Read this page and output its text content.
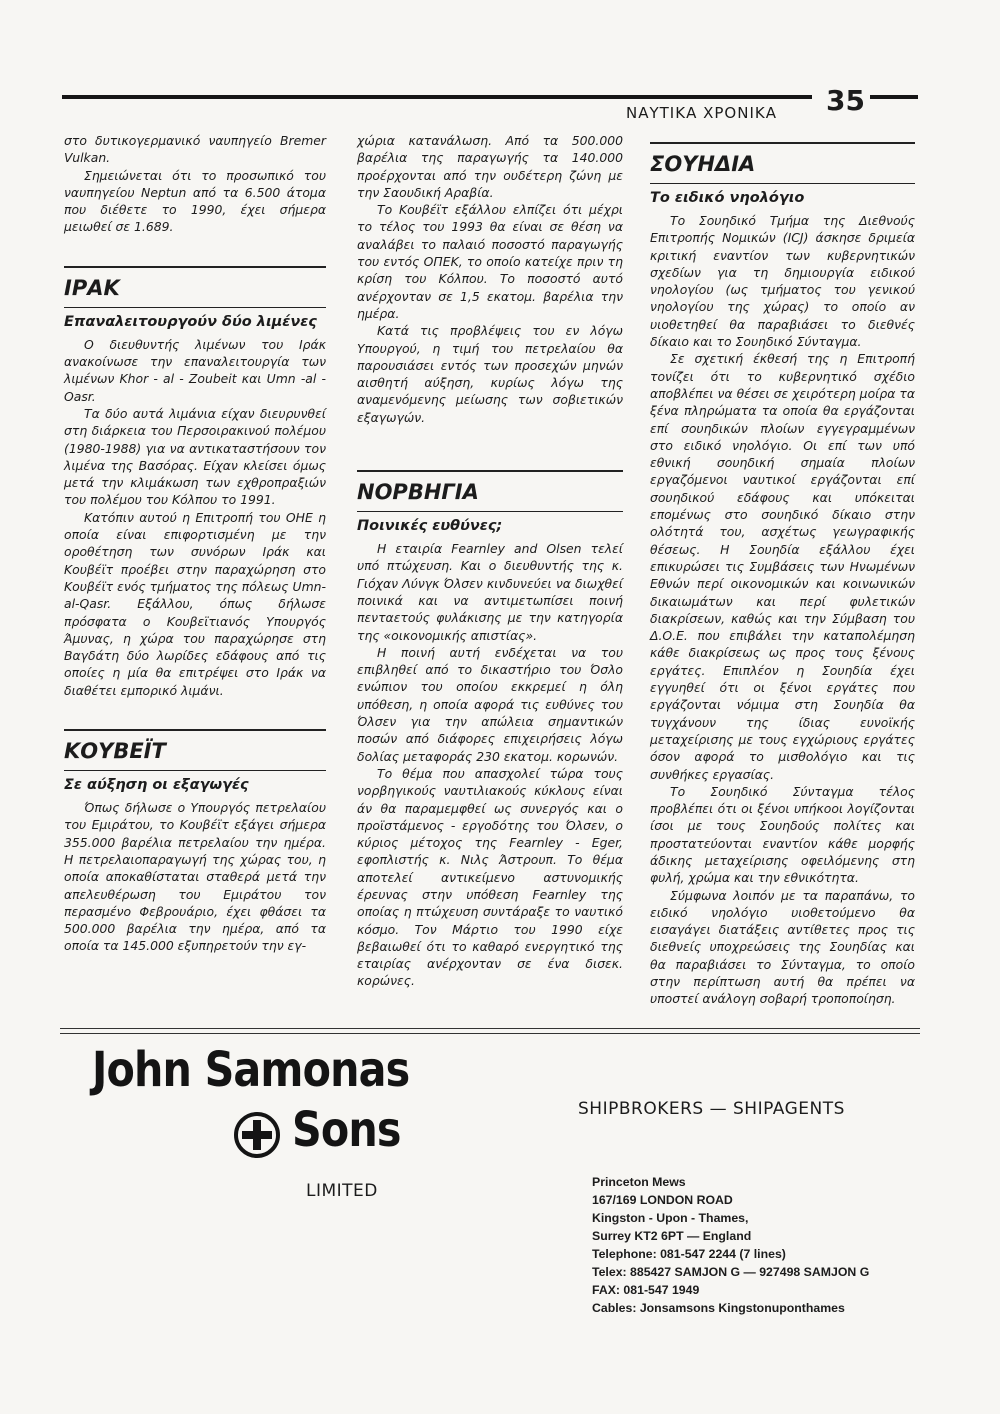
ΝΑΥΤΙΚΑ ΧΡΟΝΙΚΑ 35

στο δυτικογερμανικό ναυπηγείο Bremer Vulkan.

Σημειώνεται ότι το προσωπικό του ναυπηγείου Neptun από τα 6.500 άτομα που διέθετε το 1990, έχει σήμερα μειωθεί σε 1.689.

ΙΡΑΚ
Επαναλειτουργούν δύο λιμένες

Ο διευθυντής λιμένων του Ιράκ ανακοίνωσε την επαναλειτουργία των λιμένων Khor - al - Zoubeit και Umn -al - Oasr.

Τα δύο αυτά λιμάνια είχαν διευρυνθεί στη διάρκεια του Περσοιρακινού πολέμου (1980-1988) για να αντικαταστήσουν τον λιμένα της Βασόρας. Είχαν κλείσει όμως μετά την κλιμάκωση των εχθροπραξιών του πολέμου του Κόλπου το 1991.

Κατόπιν αυτού η Επιτροπή του ΟΗΕ η οποία είναι επιφορτισμένη με την οροθέτηση των συνόρων Ιράκ και Κουβέϊτ προέβει στην παραχώρηση στο Κουβέϊτ ενός τμήματος της πόλεως Umn-al-Qasr. Εξάλλου, όπως δήλωσε πρόσφατα ο Κουβεϊτιανός Υπουργός Άμυνας, η χώρα του παραχώρησε στη Βαγδάτη δύο λωρίδες εδάφους από τις οποίες η μία θα επιτρέψει στο Ιράκ να διαθέτει εμπορικό λιμάνι.

ΚΟΥΒΕΪΤ
Σε αύξηση οι εξαγωγές

Όπως δήλωσε ο Υπουργός πετρελαίου του Εμιράτου, το Κουβέϊτ εξάγει σήμερα 355.000 βαρέλια πετρελαίου την ημέρα. Η πετρελαιοπαραγωγή της χώρας του, η οποία αποκαθίσταται σταθερά μετά την απελευθέρωση του Εμιράτου τον περασμένο Φεβρουάριο, έχει φθάσει τα 500.000 βαρέλια την ημέρα, από τα οποία τα 145.000 εξυπηρετούν την εγ-

χώρια κατανάλωση. Από τα 500.000 βαρέλια της παραγωγής τα 140.000 προέρχονται από την ουδέτερη ζώνη με την Σαουδική Αραβία.

Το Κουβέϊτ εξάλλου ελπίζει ότι μέχρι το τέλος του 1993 θα είναι σε θέση να αναλάβει το παλαιό ποσοστό παραγωγής του εντός ΟΠΕΚ, το οποίο κατείχε πριν τη κρίση του Κόλπου. Το ποσοστό αυτό ανέρχονταν σε 1,5 εκατομ. βαρέλια την ημέρα.

Κατά τις προβλέψεις του εν λόγω Υπουργού, η τιμή του πετρελαίου θα παρουσιάσει εντός των προσεχών μηνών αισθητή αύξηση, κυρίως λόγω της αναμενόμενης μείωσης των σοβιετικών εξαγωγών.

ΝΟΡΒΗΓΙΑ
Ποινικές ευθύνες;

Η εταιρία Fearnley and Olsen τελεί υπό πτώχευση. Και ο διευθυντής της κ. Γιόχαν Λύνγκ Όλσεν κινδυνεύει να διωχθεί ποινικά και να αντιμετωπίσει ποινή πενταετούς φυλάκισης με την κατηγορία της «οικονομικής απιστίας».

Η ποινή αυτή ενδέχεται να του επιβληθεί από το δικαστήριο του Όσλο ενώπιον του οποίου εκκρεμεί η όλη υπόθεση, η οποία αφορά τις ευθύνες του Όλσεν για την απώλεια σημαντικών ποσών από διάφορες επιχειρήσεις λόγω δολίας μεταφοράς 230 εκατομ. κορωνών.

Το θέμα που απασχολεί τώρα τους νορβηγικούς ναυτιλιακούς κύκλους είναι άν θα παραμεμφθεί ως συνεργός και ο προϊστάμενος - εργοδότης του Όλσεν, ο κύριος μέτοχος της Fearnley - Eger, εφοπλιστής κ. Νιλς Άστρουπ. Το θέμα αποτελεί αντικείμενο αστυνομικής έρευνας στην υπόθεση Fearnley της οποίας η πτώχευση συντάραξε το ναυτικό κόσμο. Τον Μάρτιο του 1990 είχε βεβαιωθεί ότι το καθαρό ενεργητικό της εταιρίας ανέρχονταν σε ένα δισεκ. κορώνες.

ΣΟΥΗΔΙΑ
Το ειδικό νηολόγιο

Το Σουηδικό Τμήμα της Διεθνούς Επιτροπής Νομικών (ICJ) άσκησε δριμεία κριτική εναντίον των κυβερνητικών σχεδίων για τη δημιουργία ειδικού νηολογίου (ως τμήματος του γενικού νηολογίου της χώρας) το οποίο αν υιοθετηθεί θα παραβιάσει το διεθνές δίκαιο και το Σουηδικό Σύνταγμα.

Σε σχετική έκθεσή της η Επιτροπή τονίζει ότι το κυβερνητικό σχέδιο αποβλέπει να θέσει σε χειρότερη μοίρα τα ξένα πληρώματα τα οποία θα εργάζονται επί σουηδικών πλοίων εγγεγραμμένων στο ειδικό νηολόγιο. Οι επί των υπό εθνική σουηδική σημαία πλοίων εργαζόμενοι ναυτικοί εργάζονται επί σουηδικού εδάφους και υπόκειται επομένως στο σουηδικό δίκαιο στην ολότητά του, ασχέτως γεωγραφικής θέσεως. Η Σουηδία εξάλλου έχει επικυρώσει τις Συμβάσεις των Ηνωμένων Εθνών περί οικονομικών και κοινωνικών δικαιωμάτων και περί φυλετικών διακρίσεων, καθώς και την Σύμβαση του Δ.Ο.Ε. που επιβάλει την καταπολέμηση κάθε διακρίσεως ως προς τους ξένους εργάτες. Επιπλέον η Σουηδία έχει εγγυηθεί ότι οι ξένοι εργάτες που εργάζονται νόμιμα στη Σουηδία θα τυγχάνουν της ίδιας ευνοϊκής μεταχείρισης με τους εγχώριους εργάτες όσον αφορά το μισθολόγιο και τις συνθήκες εργασίας.

Το Σουηδικό Σύνταγμα τέλος προβλέπει ότι οι ξένοι υπήκοοι λογίζονται ίσοι με τους Σουηδούς πολίτες και προστατεύονται εναντίον κάθε μορφής άδικης μεταχείρισης οφειλόμενης στη φυλή, χρώμα και την εθνικότητα.

Σύμφωνα λοιπόν με τα παραπάνω, το ειδικό νηολόγιο υιοθετούμενο θα εισαγάγει διατάξεις αντίθετες προς τις διεθνείς υποχρεώσεις της Σουηδίας και θα παραβιάσει το Σύνταγμα, το οποίο στην περίπτωση αυτή θα πρέπει να υποστεί ανάλογη σοβαρή τροποποίηση.

John Samonas
Sons	SHIPBROKERS — SHIPAGENTS
LIMITED	Princeton Mews
167/169 LONDON ROAD
Kingston - Upon - Thames,
Surrey KT2 6PT — England
Telephone: 081-547 2244 (7 lines)
Telex: 885427 SAMJON G — 927498 SAMJON G
FAX: 081-547 1949
Cables: Jonsamsons Kingstonuponthames
